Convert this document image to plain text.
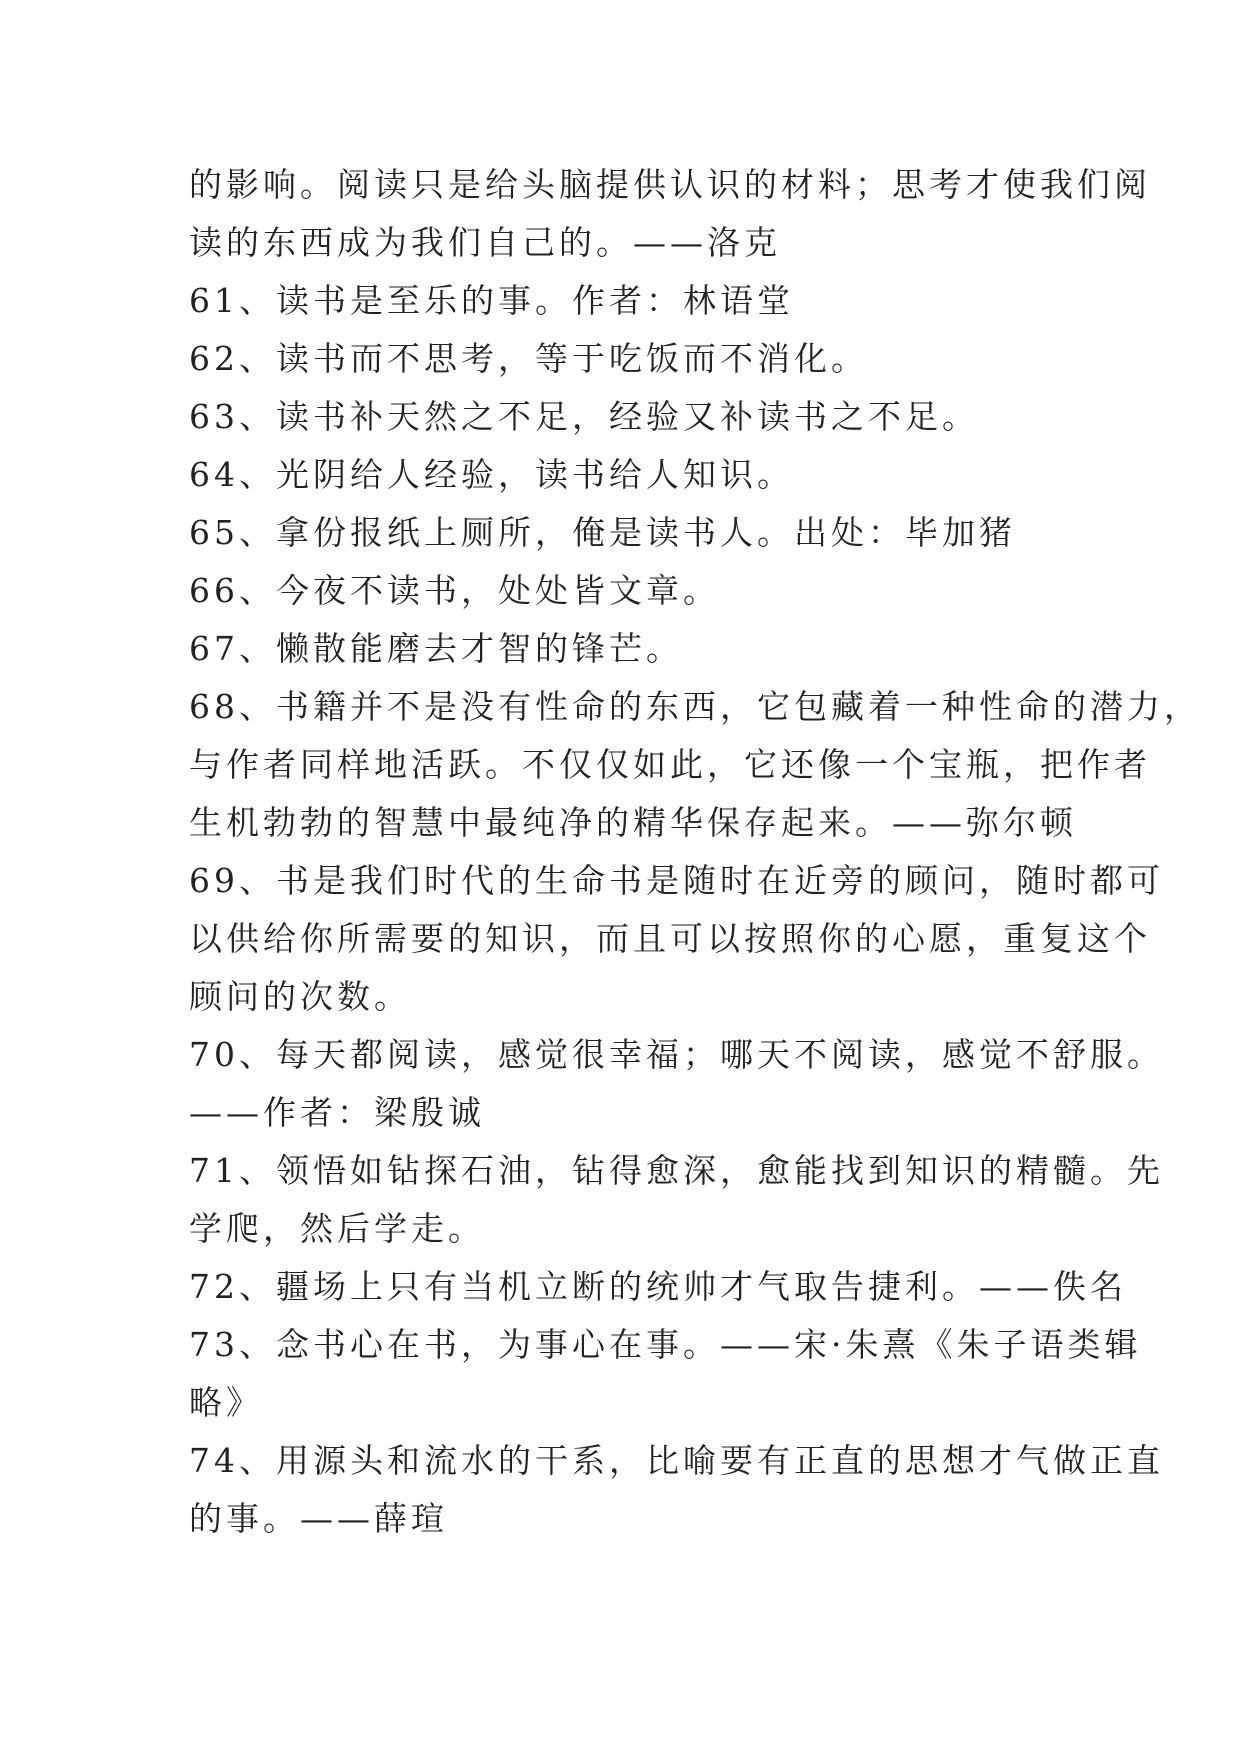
的影响。阅读只是给头脑提供认识的材料；思考才使我们阅
读的东西成为我们自己的。——洛克
61、读书是至乐的事。作者：林语堂
62、读书而不思考，等于吃饭而不消化。
63、读书补天然之不足，经验又补读书之不足。
64、光阴给人经验，读书给人知识。
65、拿份报纸上厕所，俺是读书人。出处：毕加猪
66、今夜不读书，处处皆文章。
67、懒散能磨去才智的锋芒。
68、书籍并不是没有性命的东西，它包藏着一种性命的潜力，
与作者同样地活跃。不仅仅如此，它还像一个宝瓶，把作者
生机勃勃的智慧中最纯净的精华保存起来。——弥尔顿
69、书是我们时代的生命书是随时在近旁的顾问，随时都可
以供给你所需要的知识，而且可以按照你的心愿，重复这个
顾问的次数。
70、每天都阅读，感觉很幸福；哪天不阅读，感觉不舒服。
——作者：梁殷诚
71、领悟如钻探石油，钻得愈深，愈能找到知识的精髓。先
学爬，然后学走。
72、疆场上只有当机立断的统帅才气取告捷利。——佚名
73、念书心在书，为事心在事。——宋·朱熹《朱子语类辑
略》
74、用源头和流水的干系，比喻要有正直的思想才气做正直
的事。——薛瑄
